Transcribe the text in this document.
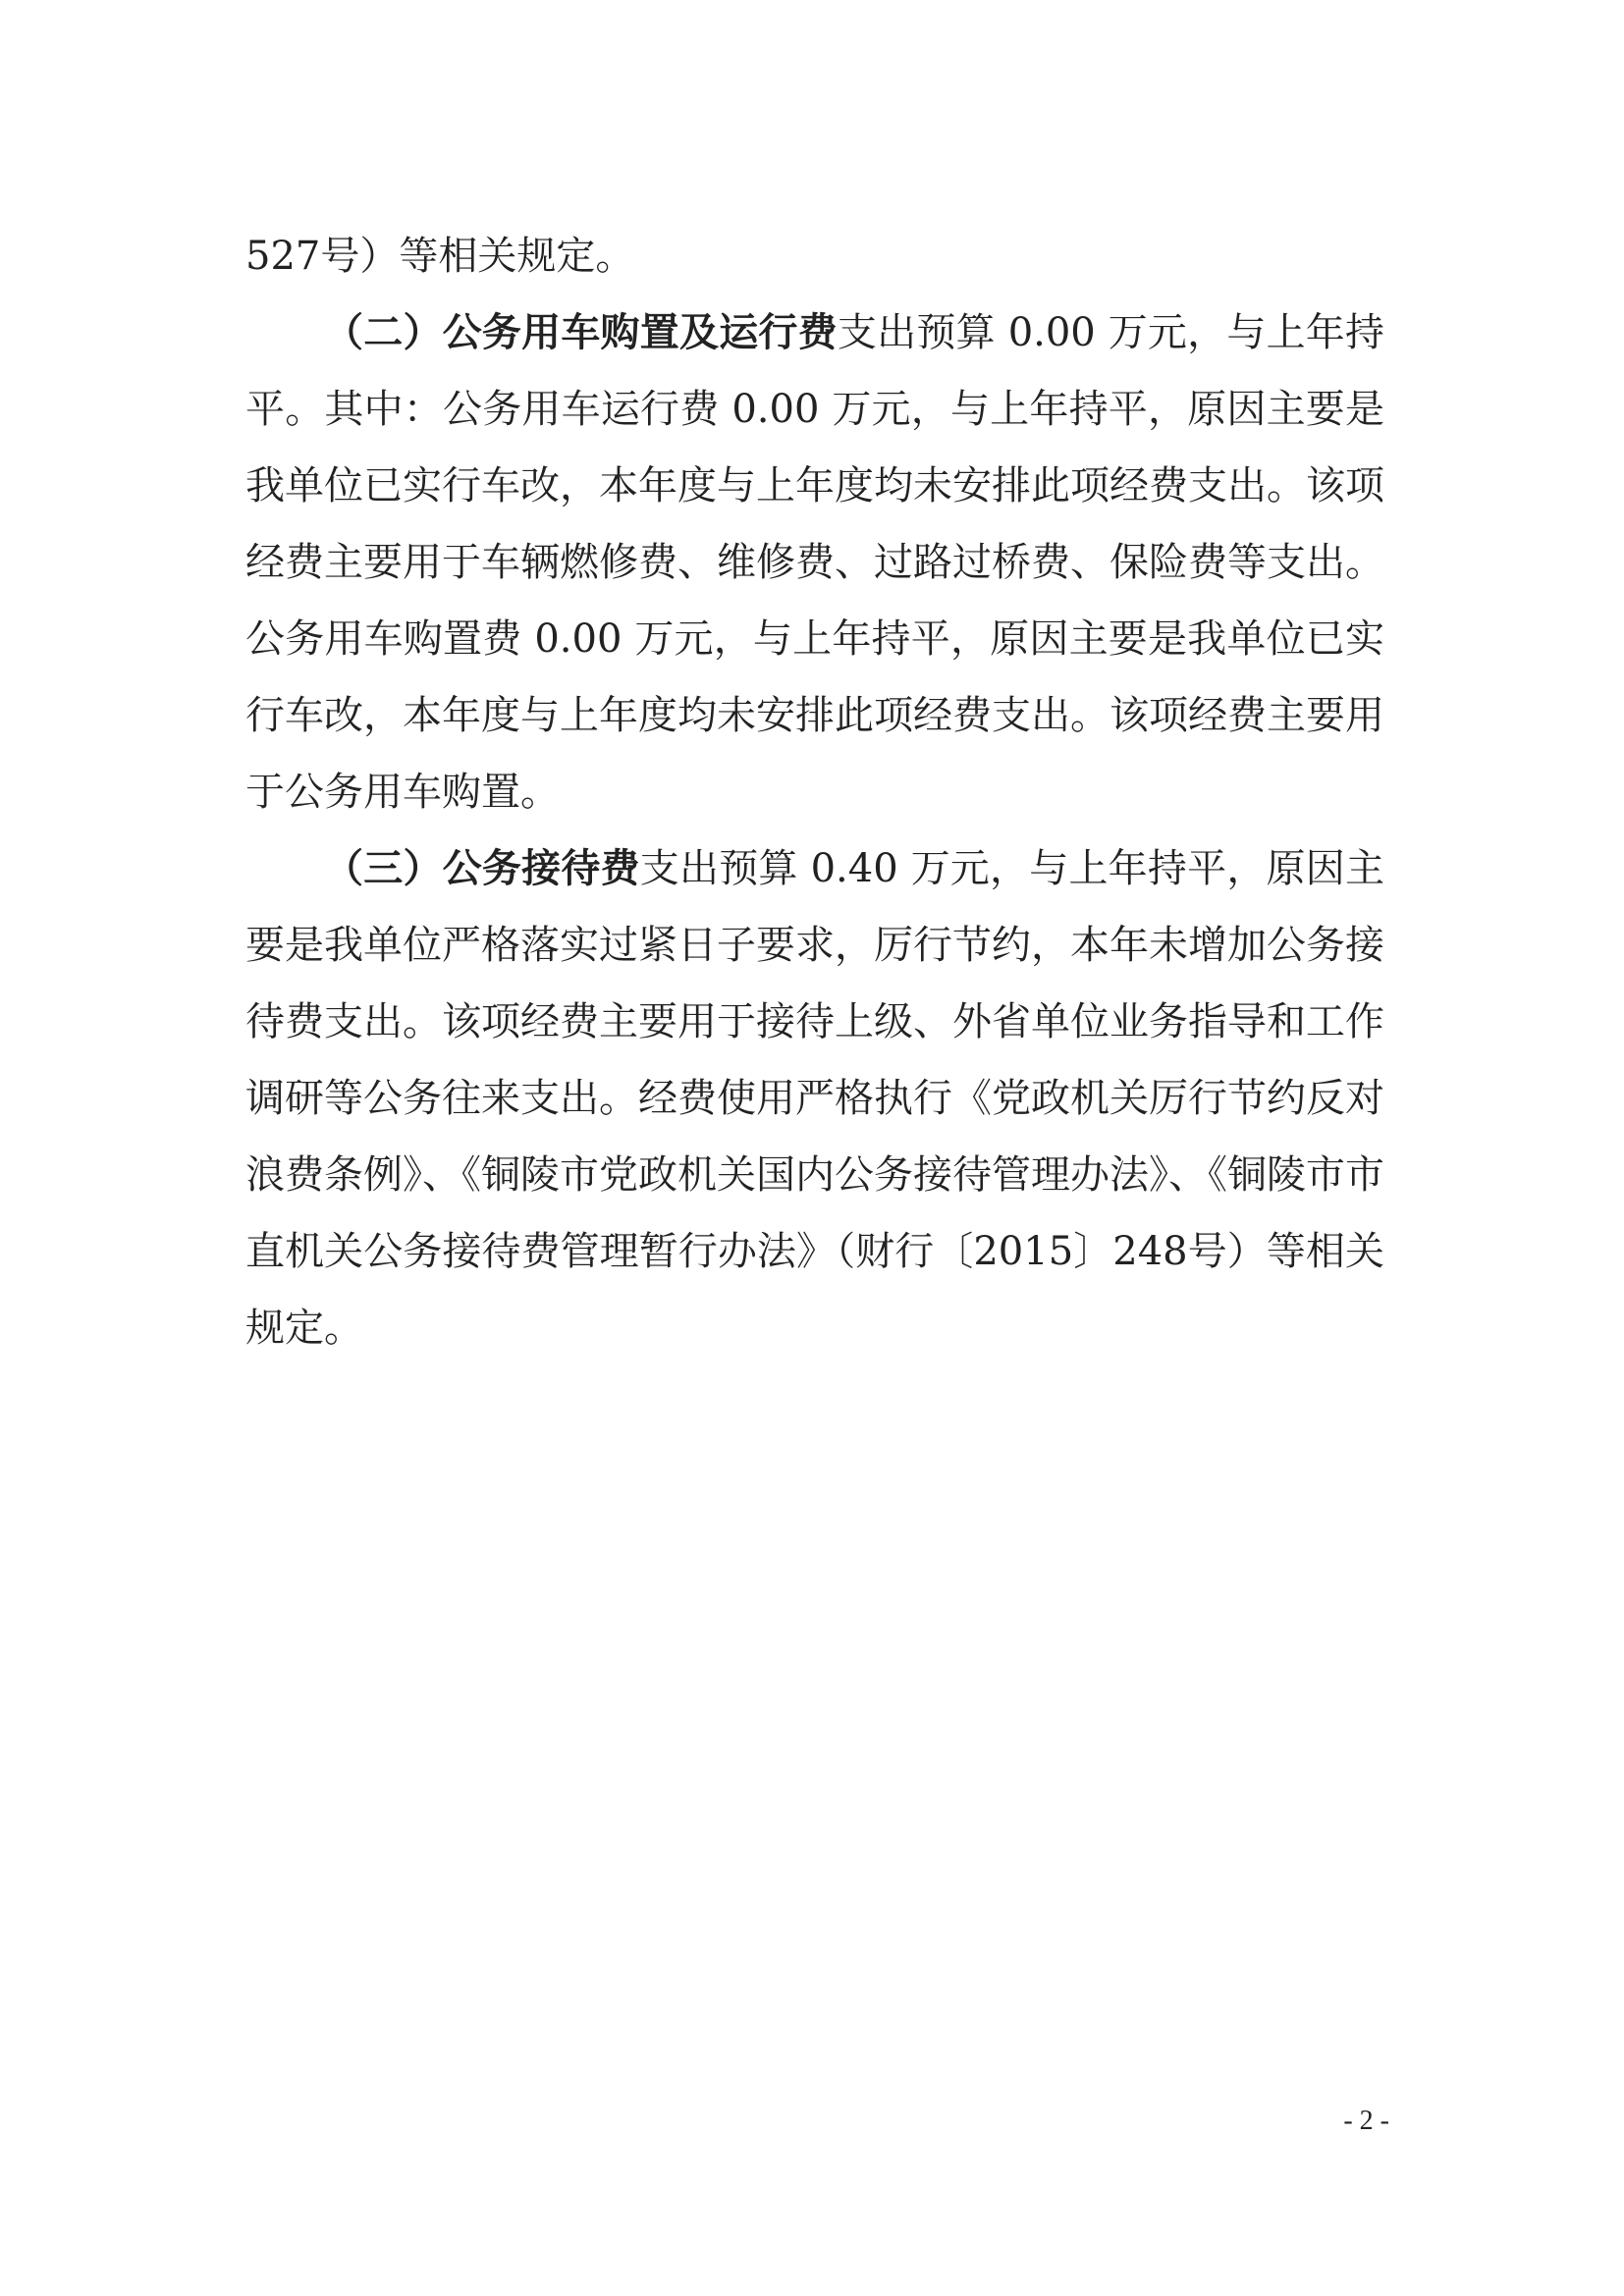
527号）等相关规定。

（二）公务用车购置及运行费支出预算 0.00 万元，与上年持平。其中：公务用车运行费 0.00 万元，与上年持平，原因主要是我单位已实行车改，本年度与上年度均未安排此项经费支出。该项经费主要用于车辆燃修费、维修费、过路过桥费、保险费等支出。公务用车购置费 0.00 万元，与上年持平，原因主要是我单位已实行车改，本年度与上年度均未安排此项经费支出。该项经费主要用于公务用车购置。

（三）公务接待费支出预算 0.40 万元，与上年持平，原因主要是我单位严格落实过紧日子要求，厉行节约，本年未增加公务接待费支出。该项经费主要用于接待上级、外省单位业务指导和工作调研等公务往来支出。经费使用严格执行《党政机关厉行节约反对浪费条例》、《铜陵市党政机关国内公务接待管理办法》、《铜陵市市直机关公务接待费管理暂行办法》（财行〔2015〕248号）等相关规定。

- 2 -
